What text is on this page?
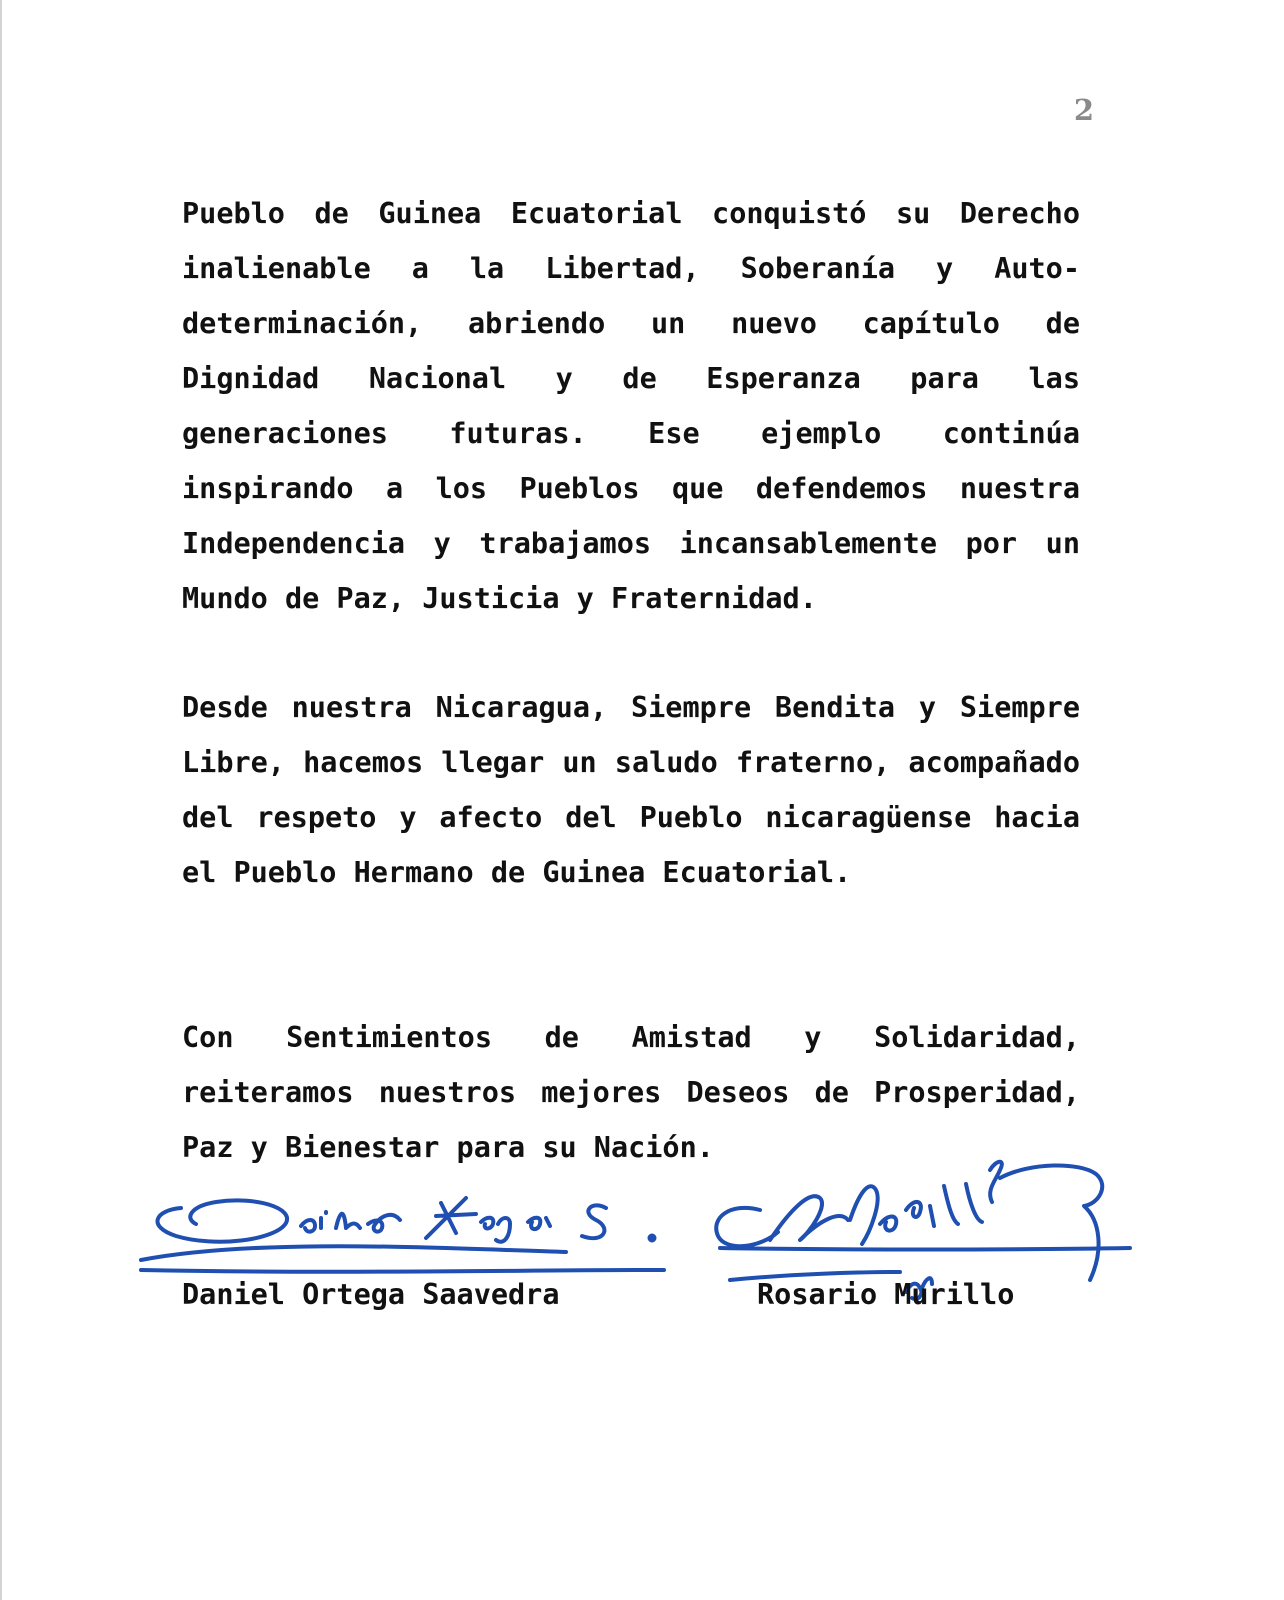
2

Pueblo de Guinea Ecuatorial conquistó su Derecho inalienable a la Libertad, Soberanía y Auto-determinación, abriendo un nuevo capítulo de Dignidad Nacional y de Esperanza para las generaciones futuras. Ese ejemplo continúa inspirando a los Pueblos que defendemos nuestra Independencia y trabajamos incansablemente por un Mundo de Paz, Justicia y Fraternidad.

Desde nuestra Nicaragua, Siempre Bendita y Siempre Libre, hacemos llegar un saludo fraterno, acompañado del respeto y afecto del Pueblo nicaragüense hacia el Pueblo Hermano de Guinea Ecuatorial.

Con Sentimientos de Amistad y Solidaridad, reiteramos nuestros mejores Deseos de Prosperidad, Paz y Bienestar para su Nación.

Daniel Ortega Saavedra	Rosario Murillo
